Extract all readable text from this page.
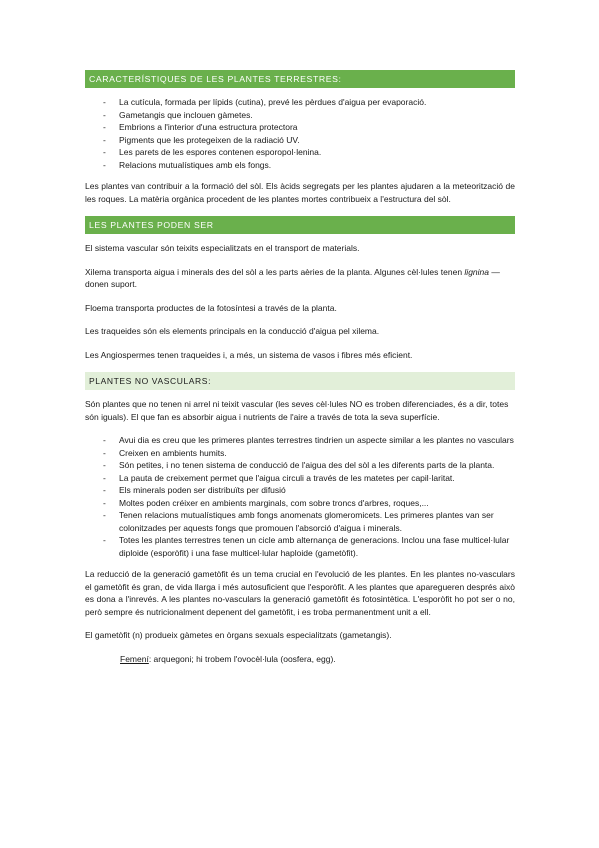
CARACTERÍSTIQUES DE LES PLANTES TERRESTRES:
- La cutícula, formada per lípids (cutina), prevé les pèrdues d'aigua per evaporació.
- Gametangis que inclouen gàmetes.
- Embrions a l'interior d'una estructura protectora
- Pigments que les protegeixen de la radiació UV.
- Les parets de les espores contenen esporopol·lenina.
- Relacions mutualístiques amb els fongs.

Les plantes van contribuir a la formació del sòl. Els àcids segregats per les plantes ajudaren a la meteorització de les roques. La matèria orgànica procedent de les plantes mortes contribueix a l'estructura del sòl.

LES PLANTES PODEN SER

El sistema vascular són teixits especialitzats en el transport de materials.

Xilema transporta aigua i minerals des del sòl a les parts aèries de la planta. Algunes cèl·lules tenen lignina —donen suport.

Floema transporta productes de la fotosíntesi a través de la planta.

Les traqueides són els elements principals en la conducció d'aigua pel xilema.

Les Angiospermes tenen traqueides i, a més, un sistema de vasos i fibres més eficient.

PLANTES NO VASCULARS:

Són plantes que no tenen ni arrel ni teixit vascular (les seves cèl·lules NO es troben diferenciades, és a dir, totes són iguals). El que fan es absorbir aigua i nutrients de l'aire a través de tota la seva superfície.

- Avui dia es creu que les primeres plantes terrestres tindrien un aspecte similar a les plantes no vasculars
- Creixen en ambients humits.
- Són petites, i no tenen sistema de conducció de l'aigua des del sòl a les diferents parts de la planta.
- La pauta de creixement permet que l'aigua circuli a través de les matetes per capil·laritat.
- Els minerals poden ser distribuïts per difusió
- Moltes poden créixer en ambients marginals, com sobre troncs d'arbres, roques,...
- Tenen relacions mutualístiques amb fongs anomenats glomeromicets. Les primeres plantes van ser colonitzades per aquests fongs que promouen l'absorció d'aigua i minerals.
- Totes les plantes terrestres tenen un cicle amb alternança de generacions. Inclou una fase multicel·lular diploide (esporòfit) i una fase multicel·lular haploide (gametòfit).

La reducció de la generació gametòfit és un tema crucial en l'evolució de les plantes. En les plantes no-vasculars el gametòfit és gran, de vida llarga i més autosuficient que l'esporòfit. A les plantes que aparegueren després això es dona a l'inrevés. A les plantes no-vasculars la generació gametòfit és fotosintètica. L'esporòfit ho pot ser o no, però sempre és nutricionalment depenent del gametòfit, i es troba permanentment unit a ell.

El gametòfit (n) produeix gàmetes en òrgans sexuals especialitzats (gametangis).

Femení: arquegoni; hi trobem l'ovocèl·lula (oosfera, egg).
